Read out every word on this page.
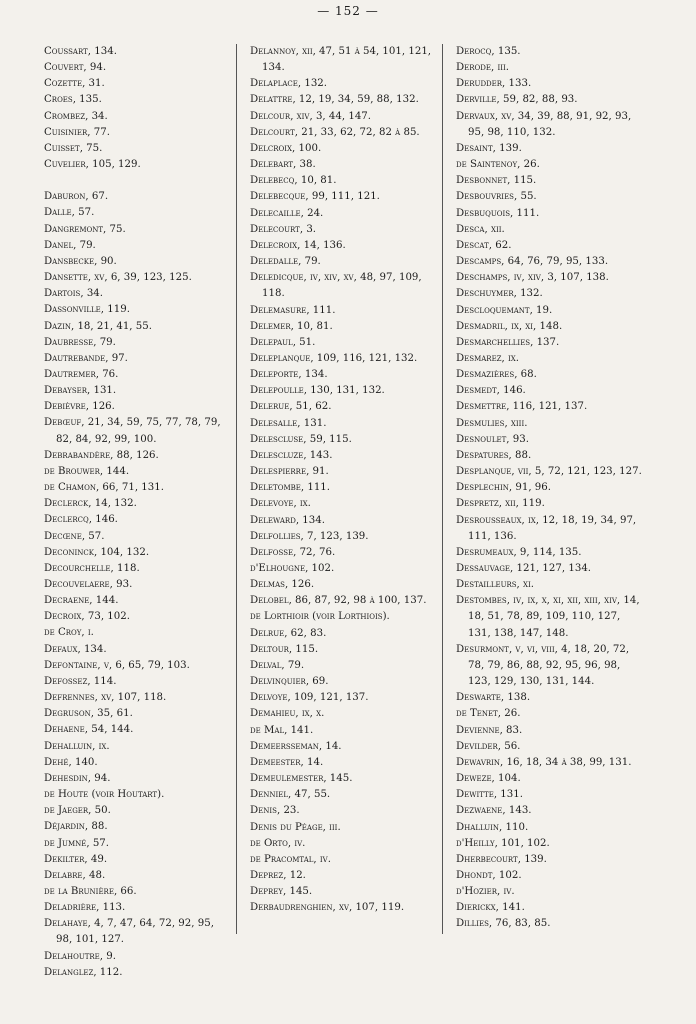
— 152 —
Coussart, 134.
Couvert, 94.
Cozette, 31.
Croes, 135.
Crombez, 34.
Cuisinier, 77.
Cuisset, 75.
Cuvelier, 105, 129.
Daburon, 67.
Dalle, 57.
Dangremont, 75.
Danel, 79.
Dansbecke, 90.
Dansette, xv, 6, 39, 123, 125.
Dartois, 34.
Dassonville, 119.
Dazin, 18, 21, 41, 55.
Daubresse, 79.
Dautrebande, 97.
Dautremer, 76.
Debayser, 131.
Debièvre, 126.
Debœuf, 21, 34, 59, 75, 77, 78, 79, 82, 84, 92, 99, 100.
Debrabandère, 88, 126.
de Brouwer, 144.
de Chamon, 66, 71, 131.
Declerck, 14, 132.
Declercq, 146.
Decœne, 57.
Deconinck, 104, 132.
Decourchelle, 118.
Decouvelaere, 93.
Decraene, 144.
Decroix, 73, 102.
de Croy, i.
Defaux, 134.
Defontaine, v, 6, 65, 79, 103.
Defossez, 114.
Defrennes, xv, 107, 118.
Degruson, 35, 61.
Dehaene, 54, 144.
Dehalluin, ix.
Dehé, 140.
Dehesdin, 94.
de Houte (voir Houtart).
de Jaeger, 50.
Déjardin, 88.
de Jumné, 57.
Dekilter, 49.
Delabre, 48.
de la Brunière, 66.
Deladrière, 113.
Delahaye, 4, 7, 47, 64, 72, 92, 95, 98, 101, 127.
Delahoutre, 9.
Delanglez, 112.
Delannoy, xii, 47, 51 à 54, 101, 121, 134.
Delaplace, 132.
Delattre, 12, 19, 34, 59, 88, 132.
Delcour, xiv, 3, 44, 147.
Delcourt, 21, 33, 62, 72, 82 à 85.
Delcroix, 100.
Delebart, 38.
Delebecq, 10, 81.
Delebecque, 99, 111, 121.
Delecaille, 24.
Delecourt, 3.
Delecroix, 14, 136.
Deledalle, 79.
Deledicque, iv, xiv, xv, 48, 97, 109, 118.
Delemasure, 111.
Delemer, 10, 81.
Delepaul, 51.
Deleplanque, 109, 116, 121, 132.
Deleporte, 134.
Delepoulle, 130, 131, 132.
Delerue, 51, 62.
Delesalle, 131.
Delescluse, 59, 115.
Delescluze, 143.
Delespierre, 91.
Deletombe, 111.
Delevoye, ix.
Deleward, 134.
Delfollies, 7, 123, 139.
Delfosse, 72, 76.
d'Elhougne, 102.
Delmas, 126.
Delobel, 86, 87, 92, 98 à 100, 137.
de Lorthioir (voir Lorthiois).
Delrue, 62, 83.
Deltour, 115.
Delval, 79.
Delvinquier, 69.
Delvoye, 109, 121, 137.
Demahieu, ix, x.
de Mal, 141.
Demeersseman, 14.
Demeester, 14.
Demeulemester, 145.
Denniel, 47, 55.
Denis, 23.
Denis du Péage, iii.
de Orto, iv.
de Pracomtal, iv.
Deprez, 12.
Deprey, 145.
Derbaudrenghien, xv, 107, 119.
Derocq, 135.
Derode, iii.
Derudder, 133.
Derville, 59, 82, 88, 93.
Dervaux, xv, 34, 39, 88, 91, 92, 93, 95, 98, 110, 132.
Desaint, 139.
de Saintenoy, 26.
Desbonnet, 115.
Desbouvries, 55.
Desbuquois, 111.
Desca, xii.
Descat, 62.
Descamps, 64, 76, 79, 95, 133.
Deschamps, iv, xiv, 3, 107, 138.
Deschuymer, 132.
Descloquemant, 19.
Desmadril, ix, xi, 148.
Desmarchellies, 137.
Desmarez, ix.
Desmazières, 68.
Desmedt, 146.
Desmettre, 116, 121, 137.
Desmulies, xiii.
Desnoulet, 93.
Despatures, 88.
Desplanque, vii, 5, 72, 121, 123, 127.
Desplechin, 91, 96.
Despretz, xii, 119.
Desrousseaux, ix, 12, 18, 19, 34, 97, 111, 136.
Desrumeaux, 9, 114, 135.
Dessauvage, 121, 127, 134.
Destailleurs, xi.
Destombes, iv, ix, x, xi, xii, xiii, xiv, 14, 18, 51, 78, 89, 109, 110, 127, 131, 138, 147, 148.
Desurmont, v, vi, viii, 4, 18, 20, 72, 78, 79, 86, 88, 92, 95, 96, 98, 123, 129, 130, 131, 144.
Deswarte, 138.
de Tenet, 26.
Devienne, 83.
Devilder, 56.
Dewavrin, 16, 18, 34 à 38, 99, 131.
Deweze, 104.
Dewitte, 131.
Dezwaene, 143.
Dhalluin, 110.
d'Heilly, 101, 102.
Dherbecourt, 139.
Dhondt, 102.
d'Hozier, iv.
Dierickx, 141.
Dillies, 76, 83, 85.
